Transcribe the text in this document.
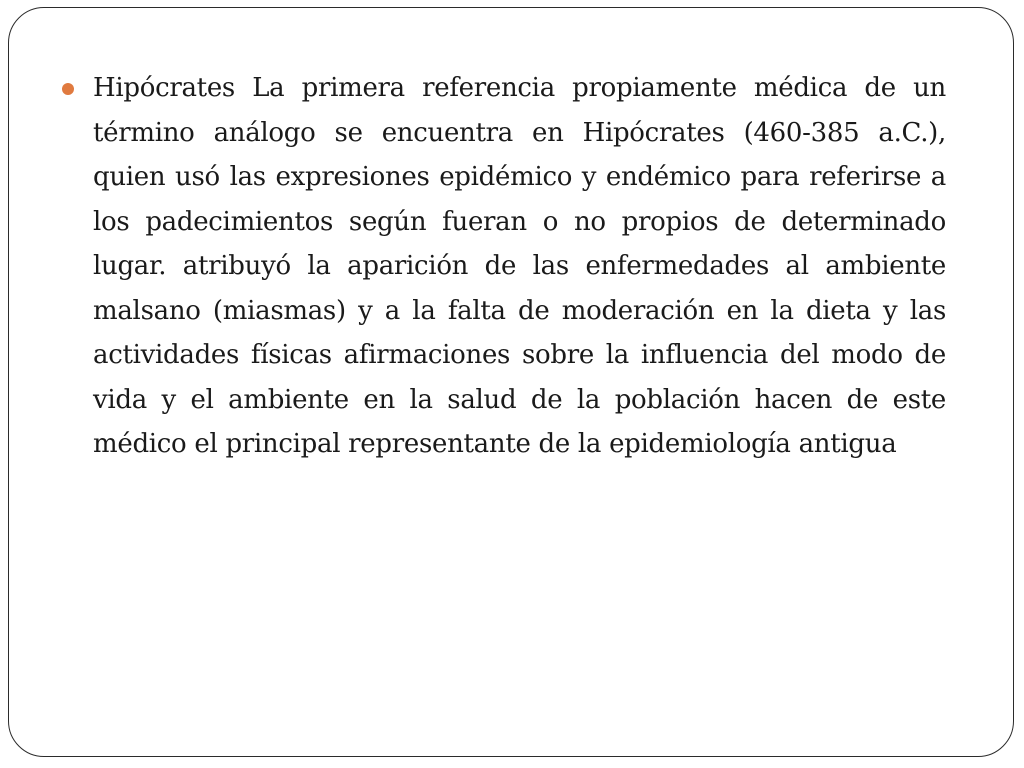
Hipócrates La primera referencia propiamente médica de un término análogo se encuentra en Hipócrates (460-385 a.C.), quien usó las expresiones epidémico y endémico para referirse a los padecimientos según fueran o no propios de determinado lugar. atribuyó la aparición de las enfermedades al ambiente malsano (miasmas) y a la falta de moderación en la dieta y las actividades físicas afirmaciones sobre la influencia del modo de vida y el ambiente en la salud de la población hacen de este médico el principal representante de la epidemiología antigua
